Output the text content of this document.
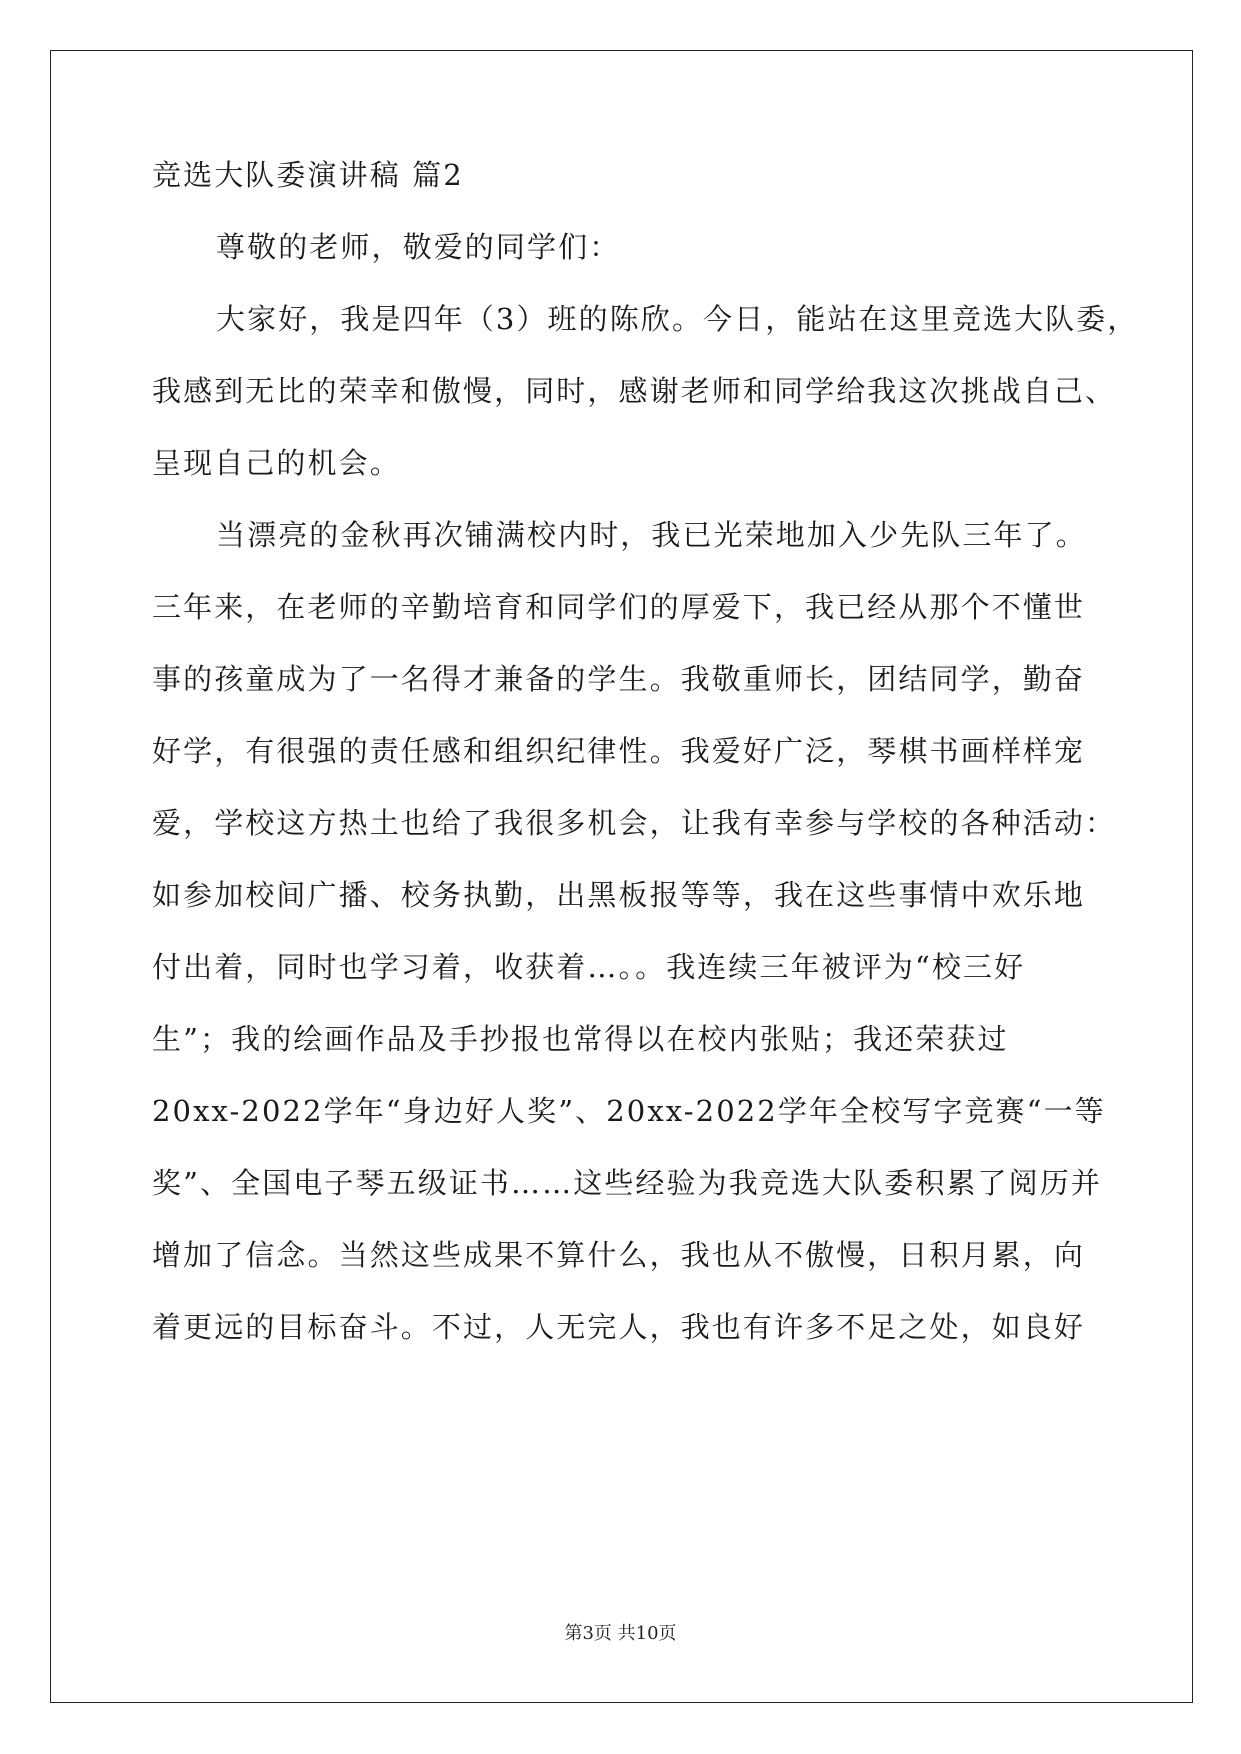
竞选大队委演讲稿 篇2
尊敬的老师，敬爱的同学们：
大家好，我是四年（3）班的陈欣。今日，能站在这里竞选大队委，
我感到无比的荣幸和傲慢，同时，感谢老师和同学给我这次挑战自己、
呈现自己的机会。
当漂亮的金秋再次铺满校内时，我已光荣地加入少先队三年了。
三年来，在老师的辛勤培育和同学们的厚爱下，我已经从那个不懂世
事的孩童成为了一名得才兼备的学生。我敬重师长，团结同学，勤奋
好学，有很强的责任感和组织纪律性。我爱好广泛，琴棋书画样样宠
爱，学校这方热土也给了我很多机会，让我有幸参与学校的各种活动：
如参加校间广播、校务执勤，出黑板报等等，我在这些事情中欢乐地
付出着，同时也学习着，收获着…。。我连续三年被评为“校三好
生”；我的绘画作品及手抄报也常得以在校内张贴；我还荣获过
20xx-2022学年“身边好人奖”、20xx-2022学年全校写字竞赛“一等
奖”、全国电子琴五级证书……这些经验为我竞选大队委积累了阅历并
增加了信念。当然这些成果不算什么，我也从不傲慢，日积月累，向
着更远的目标奋斗。不过，人无完人，我也有许多不足之处，如良好
第3页 共10页
